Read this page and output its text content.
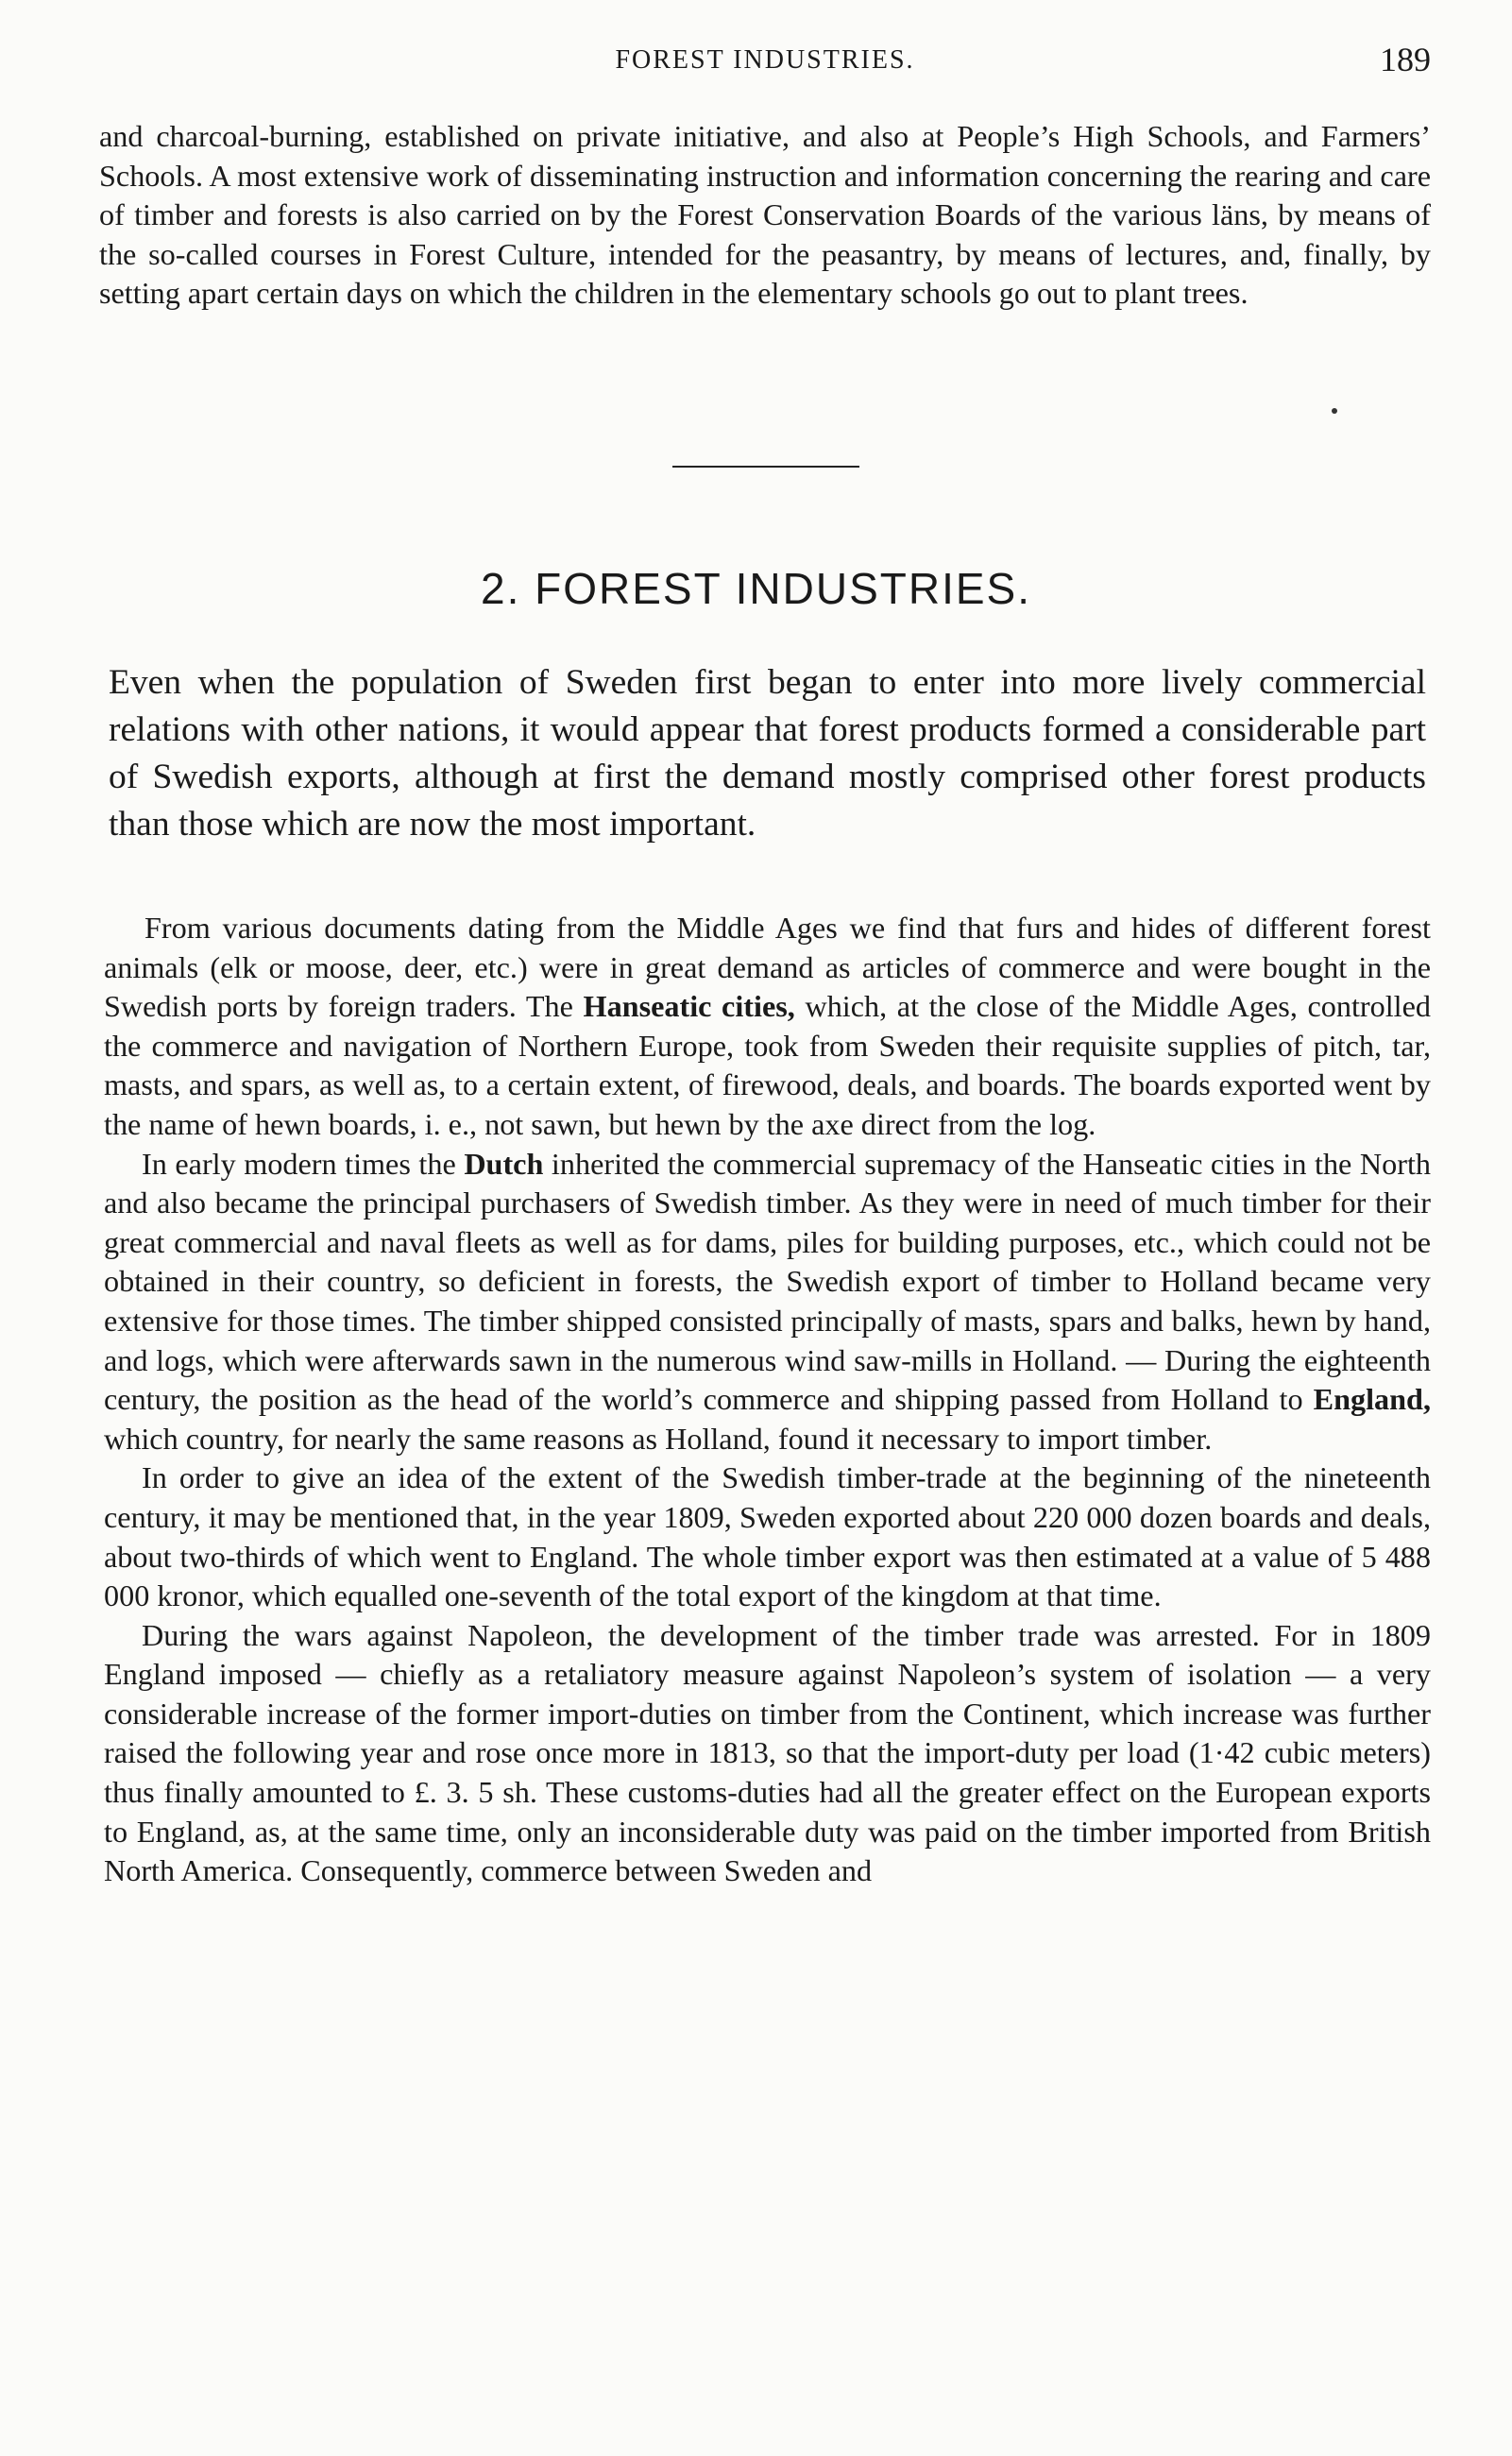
FOREST INDUSTRIES.	189

and charcoal-burning, established on private initiative, and also at People’s High Schools, and Farmers’ Schools. A most extensive work of disseminating instruction and information concerning the rearing and care of timber and forests is also carried on by the Forest Conservation Boards of the various läns, by means of the so-called courses in Forest Culture, intended for the peasantry, by means of lectures, and, finally, by setting apart certain days on which the children in the elementary schools go out to plant trees.

2. FOREST INDUSTRIES.

Even when the population of Sweden first began to enter into more lively commercial relations with other nations, it would appear that forest products formed a considerable part of Swedish exports, although at first the demand mostly comprised other forest products than those which are now the most important.

From various documents dating from the Middle Ages we find that furs and hides of different forest animals (elk or moose, deer, etc.) were in great demand as articles of commerce and were bought in the Swedish ports by foreign traders. The Hanseatic cities, which, at the close of the Middle Ages, controlled the commerce and navigation of Northern Europe, took from Sweden their requisite supplies of pitch, tar, masts, and spars, as well as, to a certain extent, of firewood, deals, and boards. The boards exported went by the name of hewn boards, i. e., not sawn, but hewn by the axe direct from the log.

In early modern times the Dutch inherited the commercial supremacy of the Hanseatic cities in the North and also became the principal purchasers of Swedish timber. As they were in need of much timber for their great commercial and naval fleets as well as for dams, piles for building purposes, etc., which could not be obtained in their country, so deficient in forests, the Swedish export of timber to Holland became very extensive for those times. The timber shipped consisted principally of masts, spars and balks, hewn by hand, and logs, which were afterwards sawn in the numerous wind saw-mills in Holland. — During the eighteenth century, the position as the head of the world’s commerce and shipping passed from Holland to England, which country, for nearly the same reasons as Holland, found it necessary to import timber.

In order to give an idea of the extent of the Swedish timber-trade at the beginning of the nineteenth century, it may be mentioned that, in the year 1809, Sweden exported about 220 000 dozen boards and deals, about two-thirds of which went to England. The whole timber export was then estimated at a value of 5 488 000 kronor, which equalled one-seventh of the total export of the kingdom at that time.

During the wars against Napoleon, the development of the timber trade was arrested. For in 1809 England imposed — chiefly as a retaliatory measure against Napoleon’s system of isolation — a very considerable increase of the former import-duties on timber from the Continent, which increase was further raised the following year and rose once more in 1813, so that the import-duty per load (1·42 cubic meters) thus finally amounted to £. 3. 5 sh. These customs-duties had all the greater effect on the European exports to England, as, at the same time, only an inconsiderable duty was paid on the timber imported from British North America. Consequently, commerce between Sweden and
